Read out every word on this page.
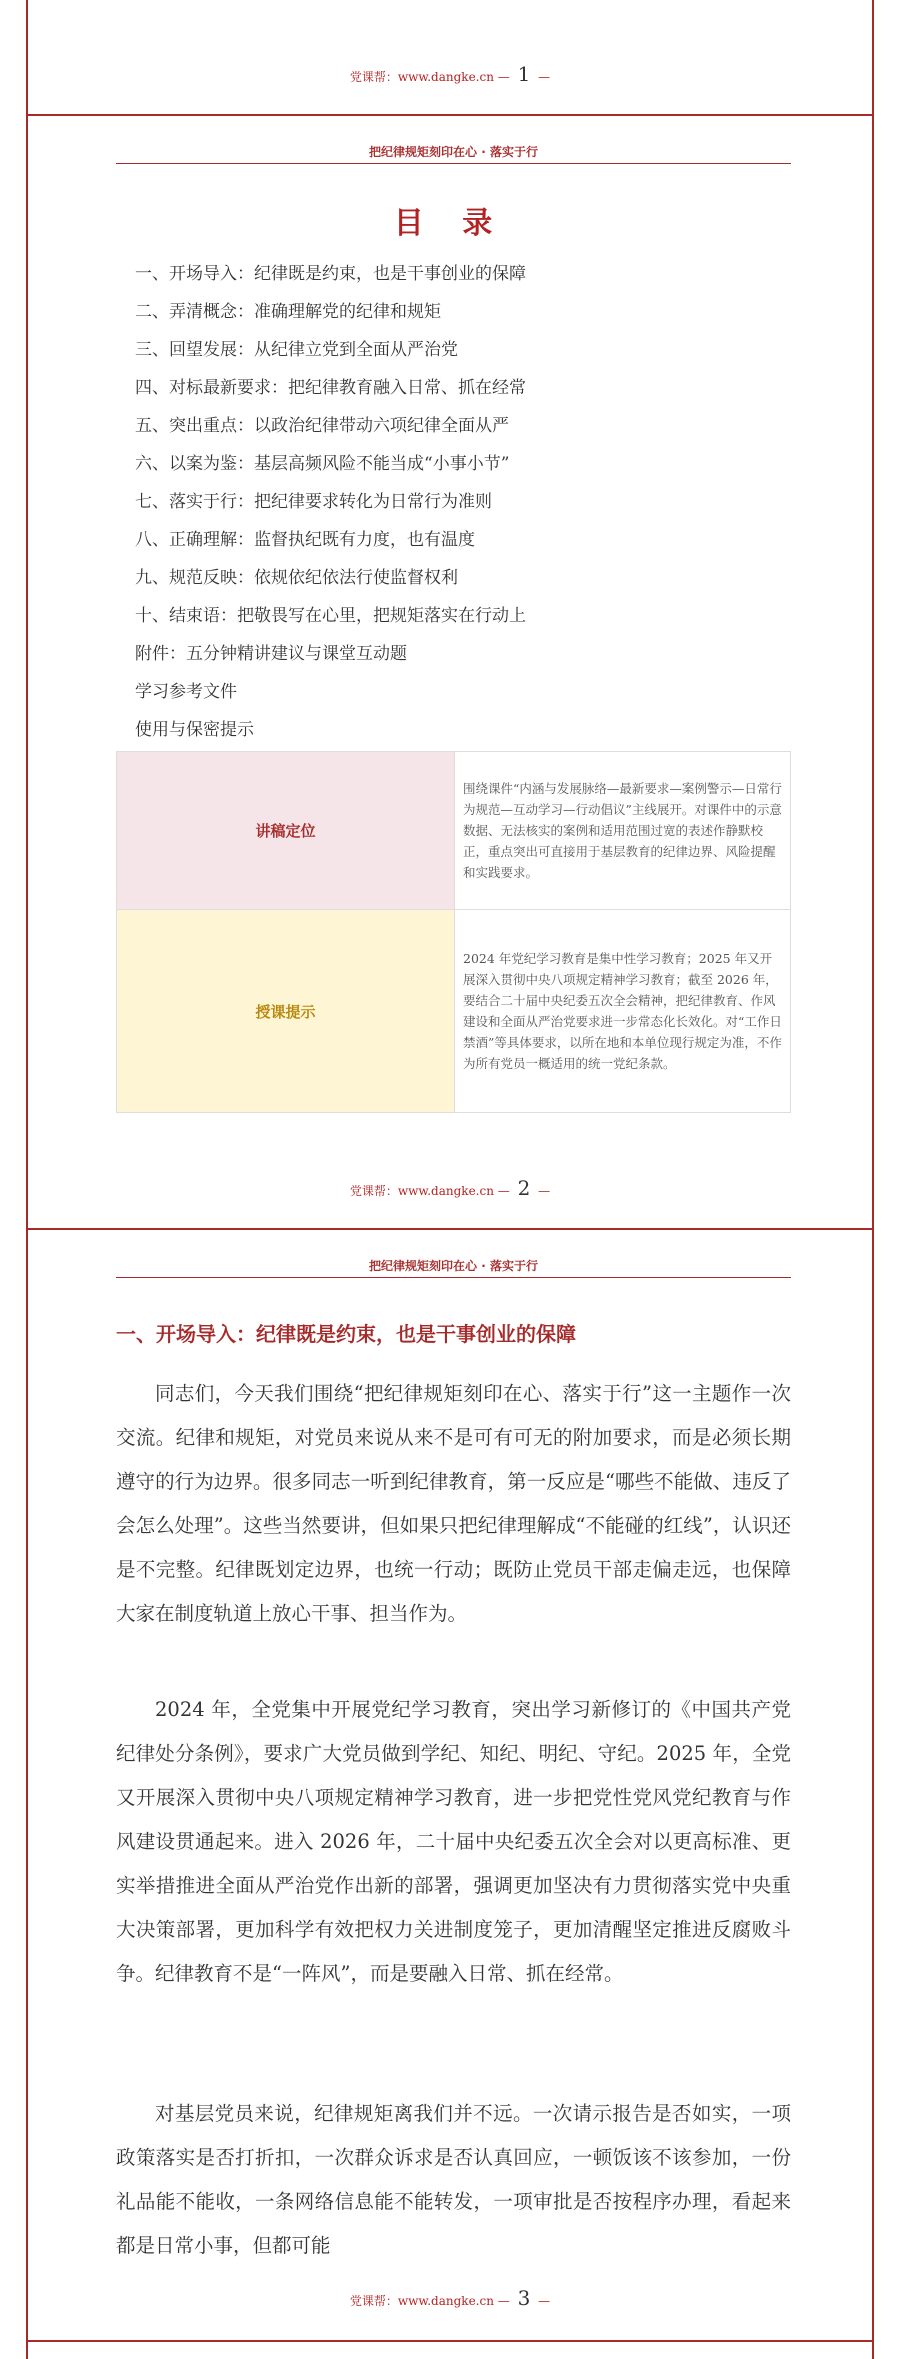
党课帮：www.dangke.cn — 1 —
把纪律规矩刻印在心 · 落实于行
目 录
一、开场导入：纪律既是约束，也是干事创业的保障
二、弄清概念：准确理解党的纪律和规矩
三、回望发展：从纪律立党到全面从严治党
四、对标最新要求：把纪律教育融入日常、抓在经常
五、突出重点：以政治纪律带动六项纪律全面从严
六、以案为鉴：基层高频风险不能当成“小事小节”
七、落实于行：把纪律要求转化为日常行为准则
八、正确理解：监督执纪既有力度，也有温度
九、规范反映：依规依纪依法行使监督权利
十、结束语：把敬畏写在心里，把规矩落实在行动上
附件：五分钟精讲建议与课堂互动题
学习参考文件
使用与保密提示
讲稿定位	围绕课件“内涵与发展脉络—最新要求—案例警示—日常行为规范—互动学习—行动倡议”主线展开。对课件中的示意数据、无法核实的案例和适用范围过宽的表述作静默校正，重点突出可直接用于基层教育的纪律边界、风险提醒和实践要求。
授课提示	2024 年党纪学习教育是集中性学习教育；2025 年又开展深入贯彻中央八项规定精神学习教育；截至 2026 年，要结合二十届中央纪委五次全会精神，把纪律教育、作风建设和全面从严治党要求进一步常态化长效化。对“工作日禁酒”等具体要求，以所在地和本单位现行规定为准，不作为所有党员一概适用的统一党纪条款。
党课帮：www.dangke.cn — 2 —
把纪律规矩刻印在心 · 落实于行
一、开场导入：纪律既是约束，也是干事创业的保障

同志们，今天我们围绕“把纪律规矩刻印在心、落实于行”这一主题作一次交流。纪律和规矩，对党员来说从来不是可有可无的附加要求，而是必须长期遵守的行为边界。很多同志一听到纪律教育，第一反应是“哪些不能做、违反了会怎么处理”。这些当然要讲，但如果只把纪律理解成“不能碰的红线”，认识还是不完整。纪律既划定边界，也统一行动；既防止党员干部走偏走远，也保障大家在制度轨道上放心干事、担当作为。

2024 年，全党集中开展党纪学习教育，突出学习新修订的《中国共产党纪律处分条例》，要求广大党员做到学纪、知纪、明纪、守纪。2025 年，全党又开展深入贯彻中央八项规定精神学习教育，进一步把党性党风党纪教育与作风建设贯通起来。进入 2026 年，二十届中央纪委五次全会对以更高标准、更实举措推进全面从严治党作出新的部署，强调更加坚决有力贯彻落实党中央重大决策部署，更加科学有效把权力关进制度笼子，更加清醒坚定推进反腐败斗争。纪律教育不是“一阵风”，而是要融入日常、抓在经常。

对基层党员来说，纪律规矩离我们并不远。一次请示报告是否如实，一项政策落实是否打折扣，一次群众诉求是否认真回应，一顿饭该不该参加，一份礼品能不能收，一条网络信息能不能转发，一项审批是否按程序办理，看起来都是日常小事，但都可能

党课帮：www.dangke.cn — 3 —
